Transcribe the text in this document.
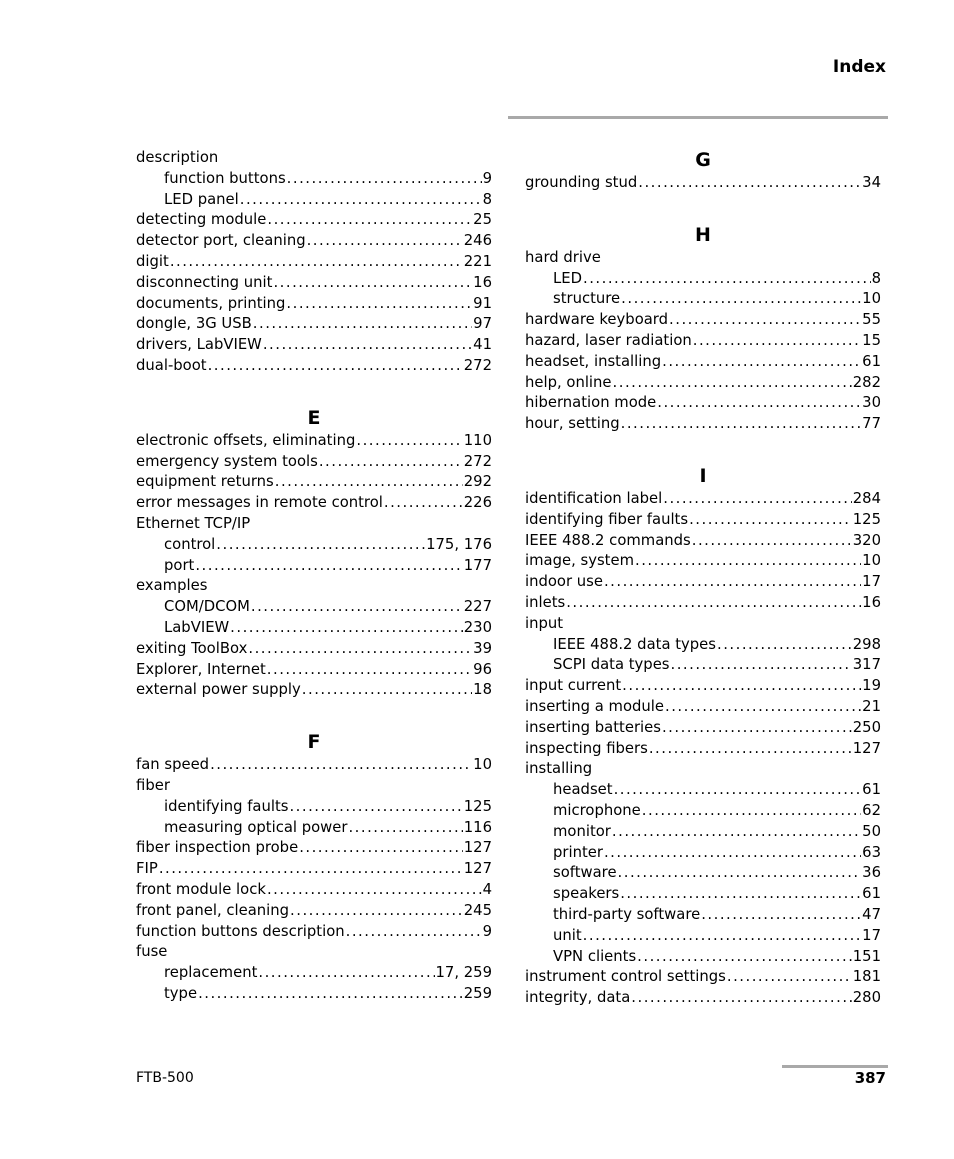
Index
description
function buttons . . .	9
LED panel . . .	8
detecting module . . .	25
detector port, cleaning . . .	246
digit . . .	221
disconnecting unit . . .	16
documents, printing . . .	91
dongle, 3G USB . . .	97
drivers, LabVIEW . . .	41
dual-boot . . .	272
E
electronic offsets, eliminating . . .	110
emergency system tools . . .	272
equipment returns . . .	292
error messages in remote control . . .	226
Ethernet TCP/IP
control . . .	175, 176
port . . .	177
examples
COM/DCOM . . .	227
LabVIEW . . .	230
exiting ToolBox . . .	39
Explorer, Internet . . .	96
external power supply . . .	18
F
fan speed . . .	10
fiber
identifying faults . . .	125
measuring optical power . . .	116
fiber inspection probe . . .	127
FIP . . .	127
front module lock . . .	4
front panel, cleaning . . .	245
function buttons description . . .	9
fuse
replacement . . .	17, 259
type . . .	259
G
grounding stud . . .	34
H
hard drive
LED . . .	8
structure . . .	10
hardware keyboard . . .	55
hazard, laser radiation . . .	15
headset, installing . . .	61
help, online . . .	282
hibernation mode . . .	30
hour, setting . . .	77
I
identification label . . .	284
identifying fiber faults . . .	125
IEEE 488.2 commands . . .	320
image, system . . .	10
indoor use . . .	17
inlets . . .	16
input
IEEE 488.2 data types . . .	298
SCPI data types . . .	317
input current . . .	19
inserting a module . . .	21
inserting batteries . . .	250
inspecting fibers . . .	127
installing
headset . . .	61
microphone . . .	62
monitor . . .	50
printer . . .	63
software . . .	36
speakers . . .	61
third-party software . . .	47
unit . . .	17
VPN clients . . .	151
instrument control settings . . .	181
integrity, data . . .	280
FTB-500	387
